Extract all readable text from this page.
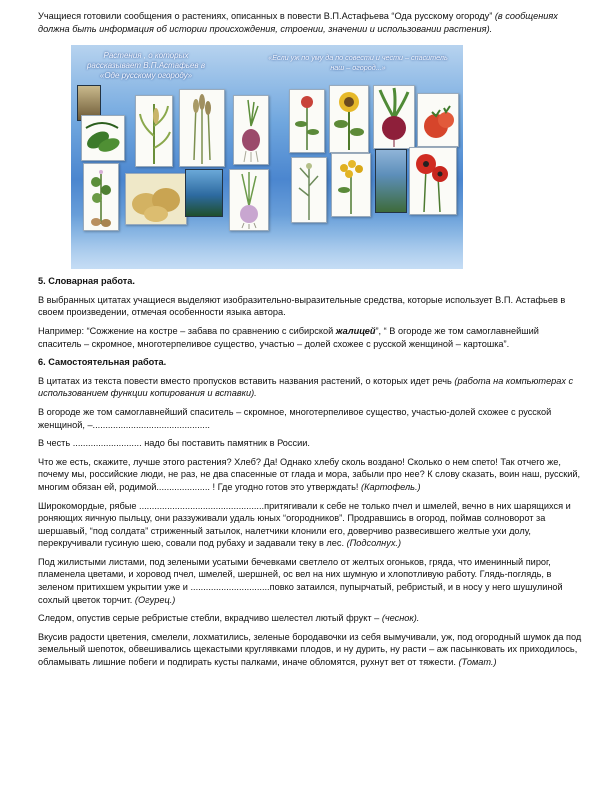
Учащиеся готовили сообщения о растениях, описанных в повести В.П.Астафьева “Ода русскому огороду” (в сообщениях должна быть информация об истории происхождения, строении, значении и использовании растения).

Растения , о которых рассказывает В.П.Астафьев в «Оде русскому огороду»
«Если уж по уму да по совести и чести – спаситель наш – огород...»

5. Словарная работа.

В выбранных цитатах учащиеся выделяют изобразительно-выразительные средства, которые использует В.П. Астафьев в своем произведении, отмечая особенности языка автора.

Например: “Сожжение на костре – забава по сравнению с сибирской жалицей”, “ В огороде же том самоглавнейший спаситель – скромное, многотерпеливое существо, участью – долей схожее с русской женщиной – картошка”.

6. Самостоятельная работа.

В цитатах из текста повести вместо пропусков вставить названия растений, о которых идет речь (работа на компьютерах с использованием функции копирования и вставки).

В огороде же том самоглавнейший спаситель – скромное, многотерпеливое существо, участью-долей схожее с русской женщиной, –..............................................

В честь ........................... надо бы поставить памятник в России.

Что же есть, скажите, лучше этого растения? Хлеб? Да! Однако хлебу сколь воздано! Сколько о нем спето! Так отчего же, почему мы, российские люди, не раз, не два спасенные от глада и мора, забыли про нее? К слову сказать, воин наш, русский, многим обязан ей, родимой..................... ! Где угодно готов это утверждать! (Картофель.)

Широкомордые, рябые .................................................притягивали к себе не только пчел и шмелей, вечно в них шарящихся и роняющих яичную пыльцу, они раззуживали удаль юных “огородников”. Продравшись в огород, поймав солноворот за шершавый, “под солдата” стриженный затылок, налетчики клонили его, доверчиво развесившего желтые ухи долу, перекручивали гусиную шею, совали под рубаху и задавали теку в лес. (Подсолнух.)

Под жилистыми листами, под зелеными усатыми бечевками светлело от желтых огоньков, гряда, что именинный пирог, пламенела цветами, и хоровод пчел, шмелей, шершней, ос вел на них шумную и хлопотливую работу. Глядь-поглядь, в зеленом притихшем укрытии уже и ...............................повко затаился, пупырчатый, ребристый, и в носу у него шушулиной сохлый цветок торчит. (Огурец.)

Следом, опустив серые ребристые стебли, вкрадчиво шелестел лютый фрукт – (чеснок).

Вкусив радости цветения, смелели, лохматились, зеленые бородавочки из себя вымучивали, уж, под огородный шумок да под земельный шепоток, обвешивались щекастыми круглявками плодов, и ну дурить, ну расти – аж пасынковать их приходилось, обламывать лишние побеги и подпирать кусты палками, иначе обломятся, рухнут вет от тяжести. (Томат.)
